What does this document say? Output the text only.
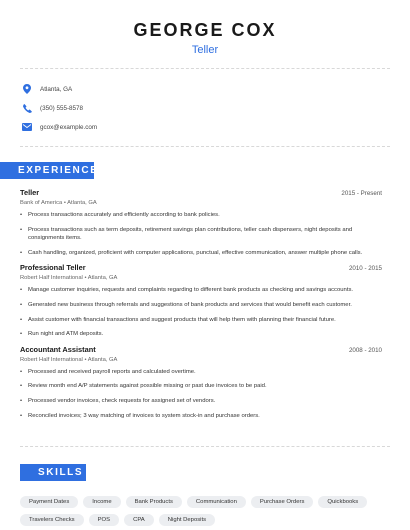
GEORGE COX
Teller
Atlanta, GA
(350) 555-8578
gcox@example.com
EXPERIENCE
Teller	2015 - Present
Bank of America • Atlanta, GA
• Process transactions accurately and efficiently according to bank policies.
• Process transactions such as term deposits, retirement savings plan contributions, teller cash dispensers, night deposits and consignments items.
• Cash handling, organized, proficient with computer applications, punctual, effective communication, answer multiple phone calls.
Professional Teller	2010 - 2015
Robert Half International • Atlanta, GA
• Manage customer inquiries, requests and complaints regarding to different bank products as checking and savings accounts.
• Generated new business through referrals and suggestions of bank products and services that would benefit each customer.
• Assist customer with financial transactions and suggest products that will help them with planning their financial future.
• Run night and ATM deposits.
Accountant Assistant	2008 - 2010
Robert Half International • Atlanta, GA
• Processed and received payroll reports and calculated overtime.
• Review month end A/P statements against possible missing or past due invoices to be paid.
• Processed vendor invoices, check requests for assigned set of vendors.
• Reconciled invoices; 3 way matching of invoices to system stock-in and purchase orders.
SKILLS
Payment Dates	Income	Bank Products	Communication	Purchase Orders	Quickbooks
Travelers Checks	POS	CPA	Night Deposits
